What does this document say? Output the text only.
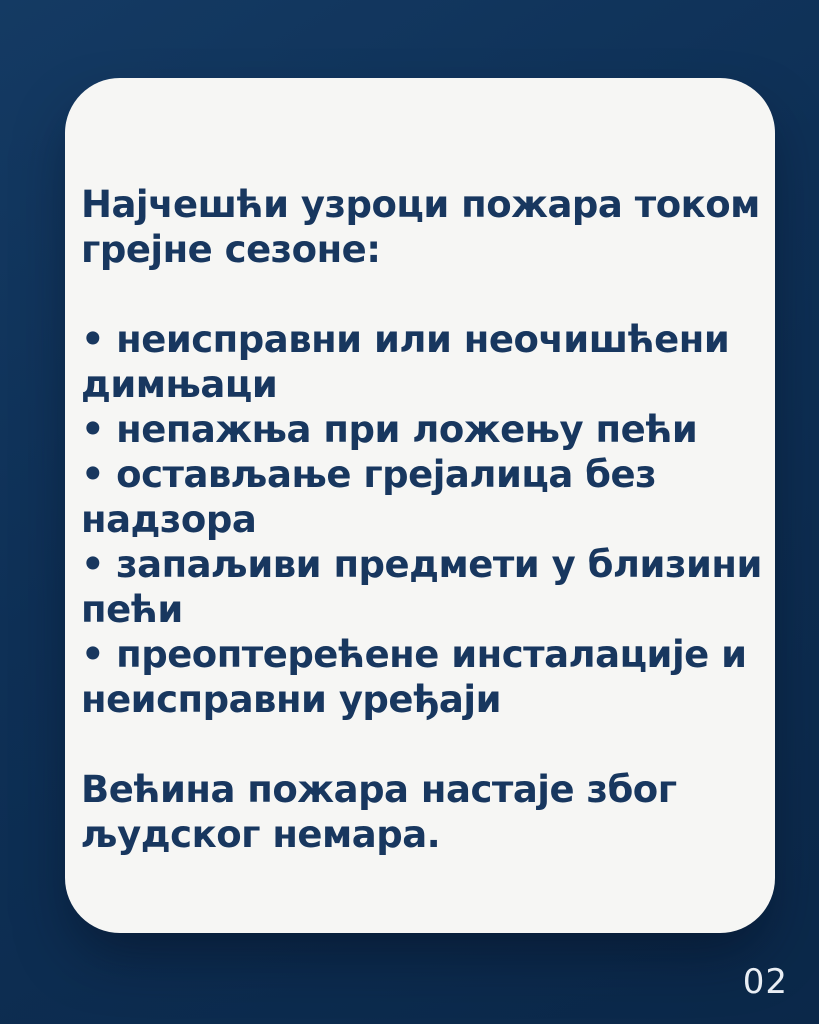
Најчешћи узроци пожара током грејне сезоне:
• неисправни или неочишћени димњаци
• непажња при ложењу пећи
• остављање грејалица без надзора
• запаљиви предмети у близини пећи
• преоптерећене инсталације и неисправни уређаји
Већина пожара настаје због људског немара.
02
